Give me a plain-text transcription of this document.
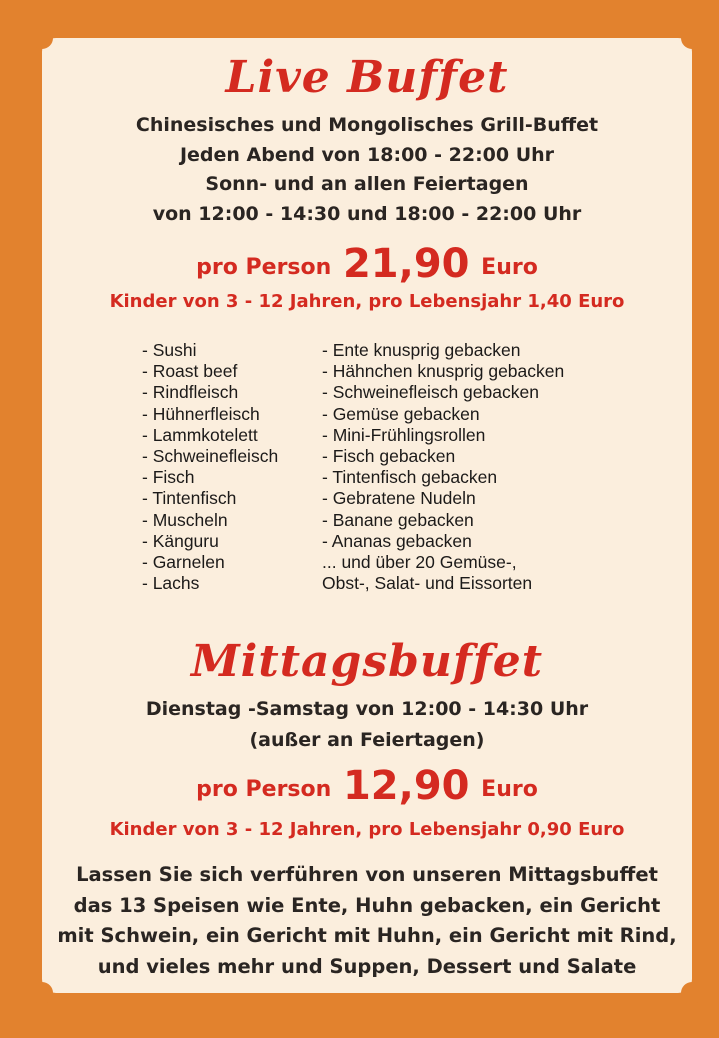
Live Buffet
Chinesisches und Mongolisches Grill-Buffet
Jeden Abend von 18:00 - 22:00 Uhr
Sonn- und an allen Feiertagen
von 12:00 - 14:30 und 18:00 - 22:00 Uhr
pro Person 21,90 Euro
Kinder von 3 - 12 Jahren, pro Lebensjahr 1,40 Euro
- Sushi
- Roast beef
- Rindfleisch
- Hühnerfleisch
- Lammkotelett
- Schweinefleisch
- Fisch
- Tintenfisch
- Muscheln
- Känguru
- Garnelen
- Lachs
- Ente knusprig gebacken
- Hähnchen knusprig gebacken
- Schweinefleisch gebacken
- Gemüse gebacken
- Mini-Frühlingsrollen
- Fisch gebacken
- Tintenfisch gebacken
- Gebratene Nudeln
- Banane gebacken
- Ananas gebacken
... und über 20 Gemüse-,
Obst-, Salat- und Eissorten
Mittagsbuffet
Dienstag -Samstag von 12:00 - 14:30 Uhr
(außer an Feiertagen)
pro Person 12,90 Euro
Kinder von 3 - 12 Jahren, pro Lebensjahr 0,90 Euro
Lassen Sie sich verführen von unseren Mittagsbuffet
das 13 Speisen wie Ente, Huhn gebacken, ein Gericht
mit Schwein, ein Gericht mit Huhn, ein Gericht mit Rind,
und vieles mehr und Suppen, Dessert und Salate
